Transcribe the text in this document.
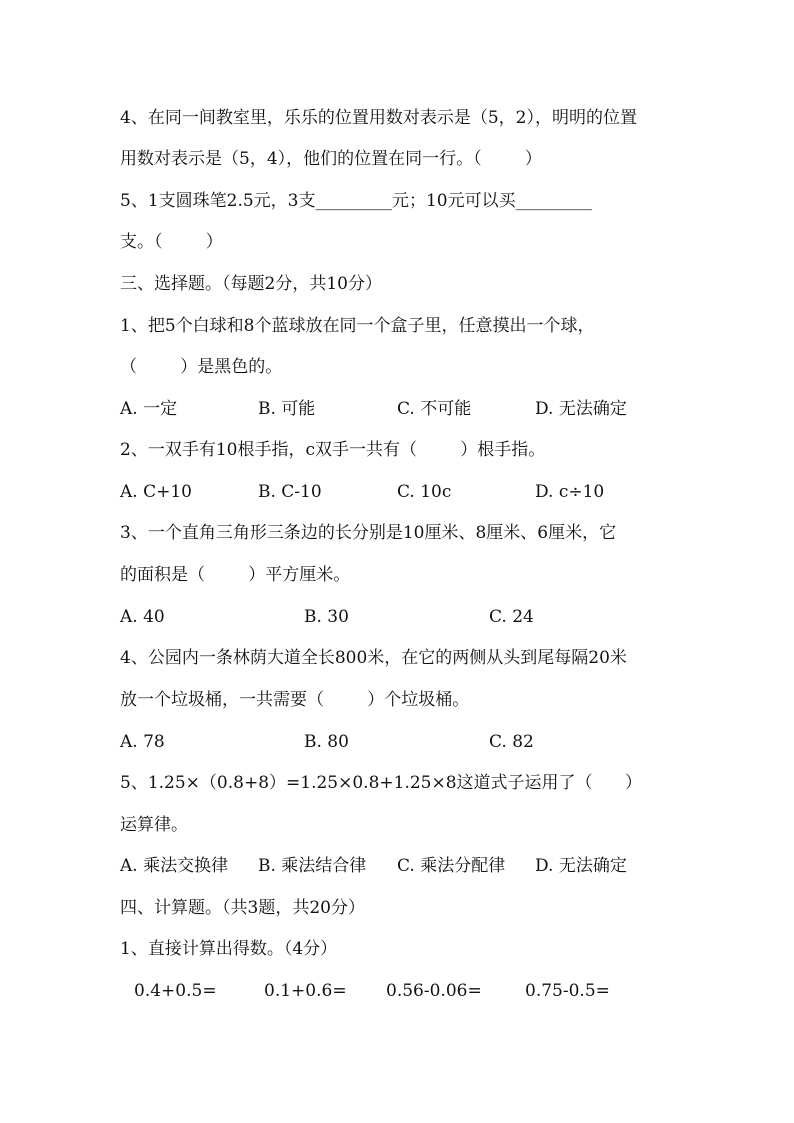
4、在同一间教室里，乐乐的位置用数对表示是（5，2），明明的位置
用数对表示是（5，4），他们的位置在同一行。（        ）
5、1支圆珠笔2.5元，3支_________元；10元可以买_________
支。（        ）
三、选择题。（每题2分，共10分）
1、把5个白球和8个蓝球放在同一个盒子里，任意摸出一个球，
（        ）是黑色的。
A. 一定	B. 可能	C. 不可能	D. 无法确定
2、一双手有10根手指，c双手一共有（        ）根手指。
A. C+10	B. C-10	C. 10c	D. c÷10
3、一个直角三角形三条边的长分别是10厘米、8厘米、6厘米，它
的面积是（        ）平方厘米。
A. 40	B. 30	C. 24
4、公园内一条林荫大道全长800米，在它的两侧从头到尾每隔20米
放一个垃圾桶，一共需要（        ）个垃圾桶。
A. 78	B. 80	C. 82
5、1.25×（0.8+8）=1.25×0.8+1.25×8这道式子运用了（      ）
运算律。
A. 乘法交换律 B. 乘法结合律 C. 乘法分配律 D. 无法确定
四、计算题。（共3题，共20分）
1、直接计算出得数。（4分）
0.4+0.5=	0.1+0.6= 0.56-0.06=	0.75-0.5=
